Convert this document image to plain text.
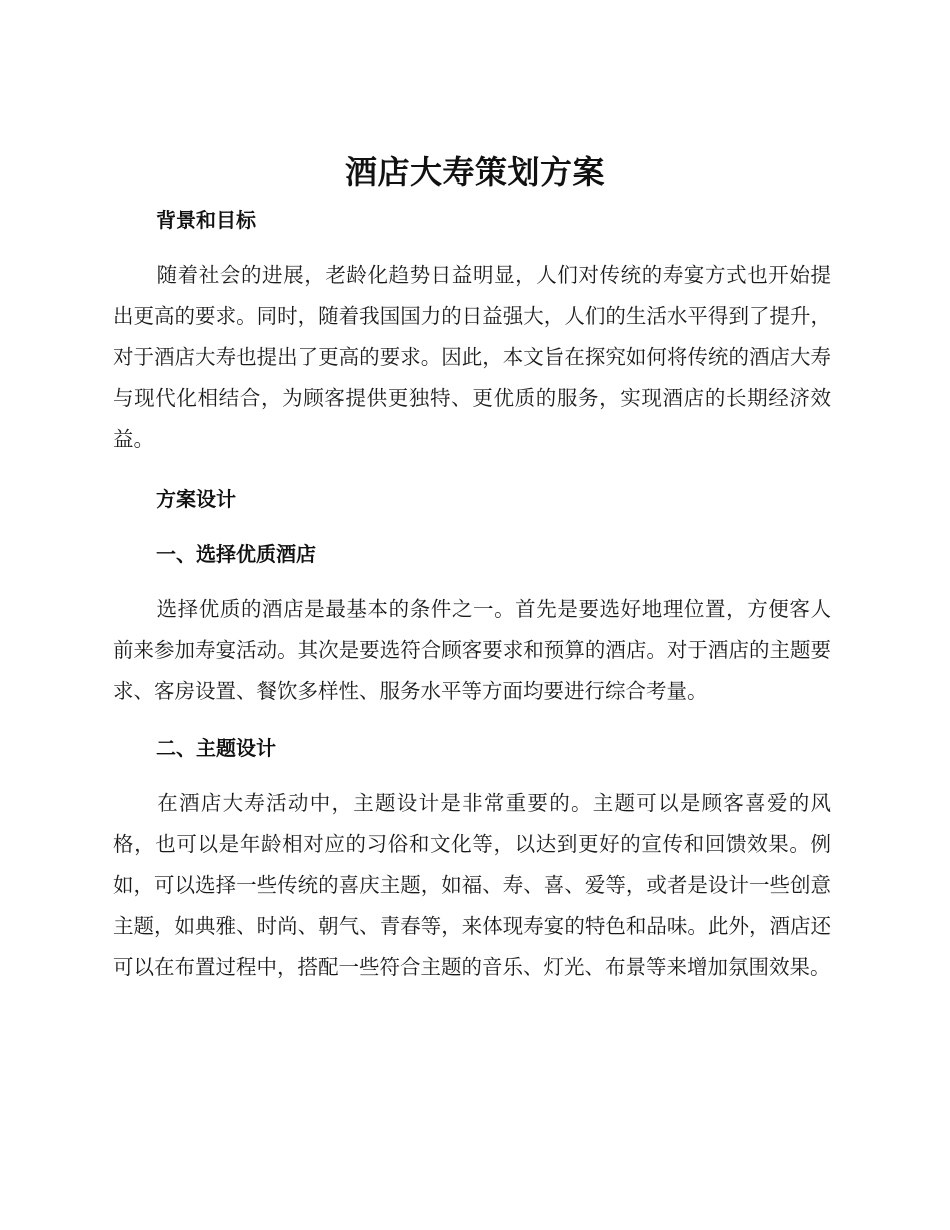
酒店大寿策划方案
背景和目标
随着社会的进展，老龄化趋势日益明显，人们对传统的寿宴方式也开始提出更高的要求。同时，随着我国国力的日益强大，人们的生活水平得到了提升，对于酒店大寿也提出了更高的要求。因此，本文旨在探究如何将传统的酒店大寿与现代化相结合，为顾客提供更独特、更优质的服务，实现酒店的长期经济效益。
方案设计
一、选择优质酒店
选择优质的酒店是最基本的条件之一。首先是要选好地理位置，方便客人前来参加寿宴活动。其次是要选符合顾客要求和预算的酒店。对于酒店的主题要求、客房设置、餐饮多样性、服务水平等方面均要进行综合考量。
二、主题设计
在酒店大寿活动中，主题设计是非常重要的。主题可以是顾客喜爱的风格，也可以是年龄相对应的习俗和文化等，以达到更好的宣传和回馈效果。例如，可以选择一些传统的喜庆主题，如福、寿、喜、爱等，或者是设计一些创意主题，如典雅、时尚、朝气、青春等，来体现寿宴的特色和品味。此外，酒店还可以在布置过程中，搭配一些符合主题的音乐、灯光、布景等来增加氛围效果。
